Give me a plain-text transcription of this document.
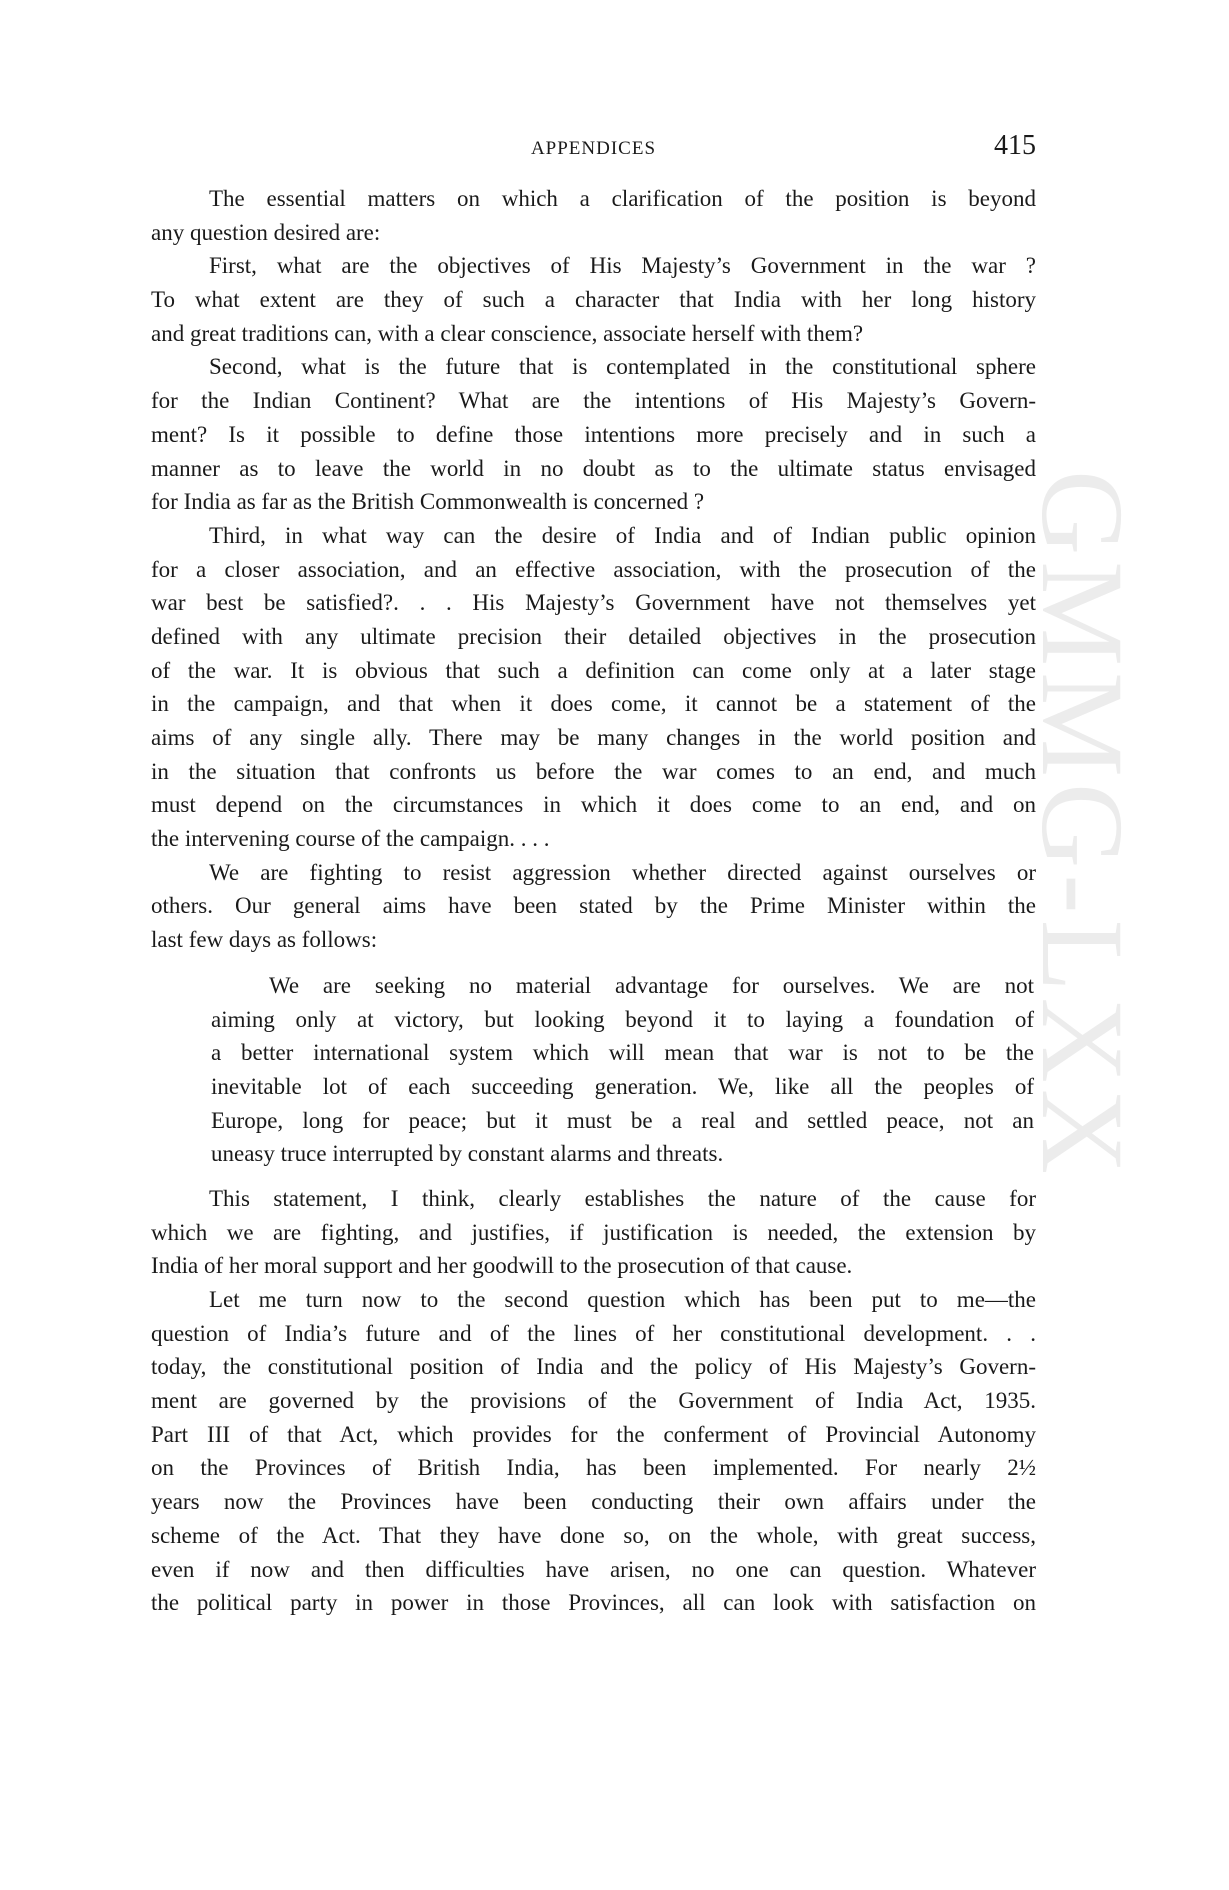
GMMG-LXX
APPENDICES	415
The essential matters on which a clarification of the position is beyond
any question desired are:
First, what are the objectives of His Majesty’s Government in the war ?
To what extent are they of such a character that India with her long history
and great traditions can, with a clear conscience, associate herself with them?
Second, what is the future that is contemplated in the constitutional sphere
for the Indian Continent? What are the intentions of His Majesty’s Govern-
ment? Is it possible to define those intentions more precisely and in such a
manner as to leave the world in no doubt as to the ultimate status envisaged
for India as far as the British Commonwealth is concerned ?
Third, in what way can the desire of India and of Indian public opinion
for a closer association, and an effective association, with the prosecution of the
war best be satisfied?. . . His Majesty’s Government have not themselves yet
defined with any ultimate precision their detailed objectives in the prosecution
of the war. It is obvious that such a definition can come only at a later stage
in the campaign, and that when it does come, it cannot be a statement of the
aims of any single ally. There may be many changes in the world position and
in the situation that confronts us before the war comes to an end, and much
must depend on the circumstances in which it does come to an end, and on
the intervening course of the campaign. . . .
We are fighting to resist aggression whether directed against ourselves or
others. Our general aims have been stated by the Prime Minister within the
last few days as follows:
We are seeking no material advantage for ourselves. We are not
aiming only at victory, but looking beyond it to laying a foundation of
a better international system which will mean that war is not to be the
inevitable lot of each succeeding generation. We, like all the peoples of
Europe, long for peace; but it must be a real and settled peace, not an
uneasy truce interrupted by constant alarms and threats.
This statement, I think, clearly establishes the nature of the cause for
which we are fighting, and justifies, if justification is needed, the extension by
India of her moral support and her goodwill to the prosecution of that cause.
Let me turn now to the second question which has been put to me—the
question of India’s future and of the lines of her constitutional development. . .
today, the constitutional position of India and the policy of His Majesty’s Govern-
ment are governed by the provisions of the Government of India Act, 1935.
Part III of that Act, which provides for the conferment of Provincial Autonomy
on the Provinces of British India, has been implemented. For nearly 2½
years now the Provinces have been conducting their own affairs under the
scheme of the Act. That they have done so, on the whole, with great success,
even if now and then difficulties have arisen, no one can question. Whatever
the political party in power in those Provinces, all can look with satisfaction on
